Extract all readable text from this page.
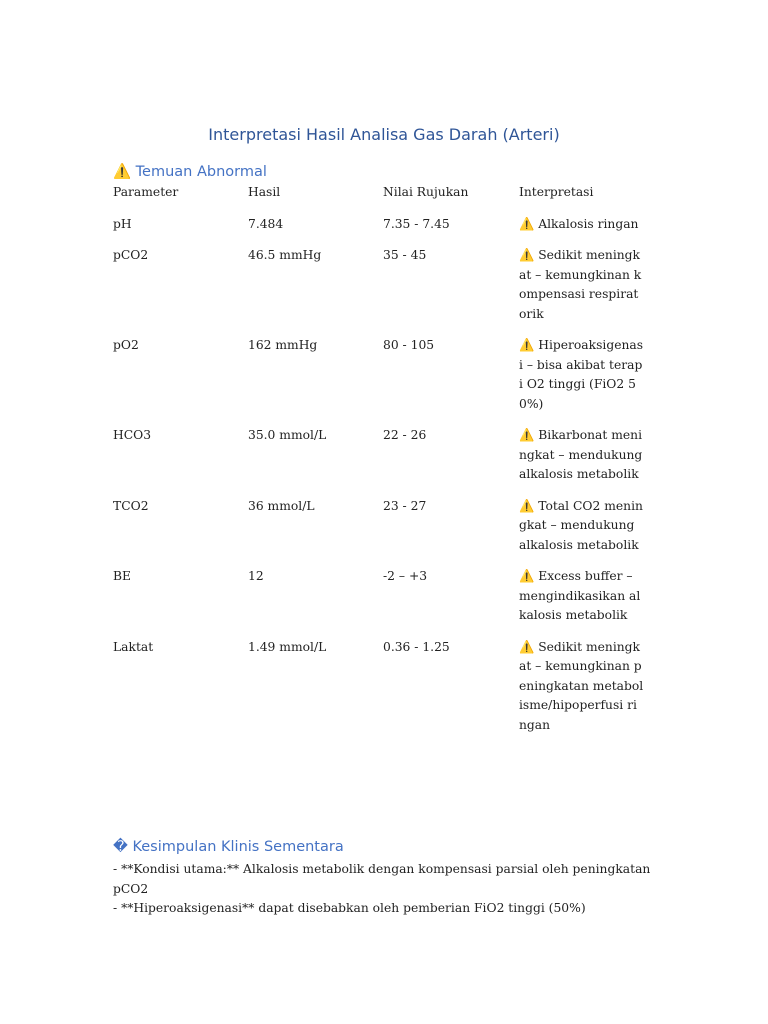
Interpretasi Hasil Analisa Gas Darah (Arteri)
⚠️ Temuan Abnormal
Parameter	Hasil	Nilai Rujukan	Interpretasi
pH	7.484	7.35 - 7.45	⚠️ Alkalosis ringan
pCO2	46.5 mmHg	35 - 45	⚠️ Sedikit meningkat – kemungkinan kompensasi respiratorik
pO2	162 mmHg	80 - 105	⚠️ Hiperoaksigenasi – bisa akibat terapi O2 tinggi (FiO2 50%)
HCO3	35.0 mmol/L	22 - 26	⚠️ Bikarbonat meningkat – mendukung alkalosis metabolik
TCO2	36 mmol/L	23 - 27	⚠️ Total CO2 meningkat – mendukung alkalosis metabolik
BE	12	-2 – +3	⚠️ Excess buffer – mengindikasikan alkalosis metabolik
Laktat	1.49 mmol/L	0.36 - 1.25	⚠️ Sedikit meningkat – kemungkinan peningkatan metabolisme/hipoperfusi ringan
� Kesimpulan Klinis Sementara

- **Kondisi utama:** Alkalosis metabolik dengan kompensasi parsial oleh peningkatan pCO2

- **Hiperoaksigenasi** dapat disebabkan oleh pemberian FiO2 tinggi (50%)
